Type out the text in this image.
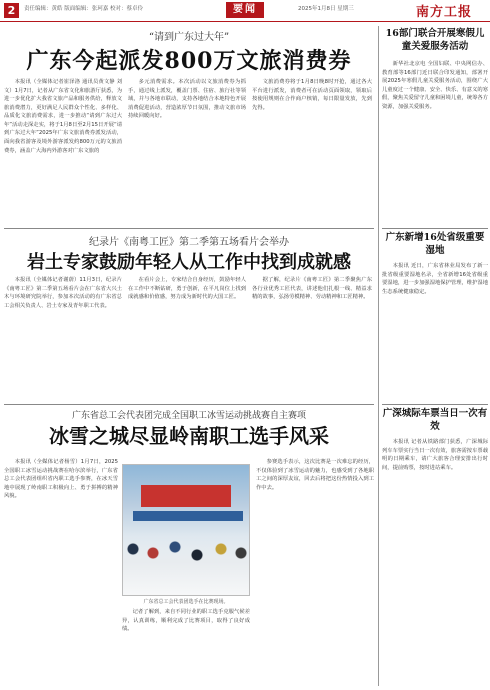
2	责任编辑：黄皓 版面编辑：张珂嘉 校对：蔡卓伶	要闻	2025年1月8日 星期三	南方工报
“请到广东过大年”
广东今起派发800万文旅消费券

本报讯（全媒体记者崔泽洛 通讯员黄文静 刘文）1月7日，记者从广东省文化和旅游厅获悉，为进一步优化扩大我省文旅产品和服务供给，释放文旅消费潜力，更好满足人民群众个性化、多样化、品质化文旅消费需求，进一步推动“请到广东过大年”活动走深走实，将于1月8日至2月15日开展“请到广东过大年”2025年广东文旅消费券派发活动，面向我省游客及境外游客派发约800万元的文旅消费券，涵盖广大海内外游客对广东文旅的

多元消费需求。本次活动以文旅消费券为抓手，通过线上派发，覆盖门票、住宿、旅行社等领域，并与各地市联动，支持各地结合本地特色开展消费促进活动，营造浓厚节日氛围，推动文旅市场持续回暖向好。

文旅消费券将于1月8日晚8时开抢，通过各大平台进行派发，消费者可在活动页面领取，领取后按使用规则在合作商户核销，每日限量发放，先到先得。

纪录片《南粤工匠》第二季第五场看片会举办
岩土专家鼓励年轻人从工作中找到成就感

本报讯（全媒体记者谢蔚）11月3日，纪录片《南粤工匠》第二季第五场看片会在广东省大兴土木与环境研究院举行，参加本次活动的有广东省总工会相关负责人、岩土专家及青年职工代表。

在看片会上，专家结合自身经历，鼓励年轻人在工作中不断钻研，勇于创新，在平凡岗位上找到成就感和价值感，努力成为新时代的大国工匠。

据了解，纪录片《南粤工匠》第二季聚焦广东各行业优秀工匠代表，讲述他们扎根一线、精益求精的故事，弘扬劳模精神、劳动精神和工匠精神。

广东省总工会代表团完成全国职工冰雪运动挑战赛自主赛项
冰雪之城尽显岭南职工选手风采

本报讯（全媒体记者杨雪）1月7日，2025全国职工冰雪运动挑战赛在哈尔滨举行，广东省总工会代表团组织省内职工选手参赛，在冰天雪地中展现了岭南职工积极向上、勇于拼搏的精神风貌。

广东省总工会代表团选手在比赛现场。

记者了解到，来自不同行业的职工选手克服气候差异，认真训练，顺利完成了比赛项目，取得了良好成绩。

参赛选手表示，这次比赛是一次难忘的经历，不仅体验到了冰雪运动的魅力，也感受到了各地职工之间的深厚友谊，回去后将把这份热情投入到工作中去。

16部门联合开展寒假儿童关爱服务活动

新华社北京电 全国妇联、中央网信办、教育部等16部门近日联合印发通知，部署开展2025年寒假儿童关爱服务活动，围绕广大儿童度过一个健康、安全、快乐、有意义的寒假，聚焦关爱留守儿童和困境儿童，统筹各方资源，加强关爱服务。

广东新增16处省级重要湿地

本报讯 近日，广东省林业局发布了新一批省级重要湿地名录，全省新增16处省级重要湿地，进一步加强湿地保护管理，维护湿地生态系统健康稳定。

广深城际车票当日一次有效

本报讯 记者从铁路部门获悉，广深城际列车车票实行当日一次有效，旅客需按车票载明的日期乘车，请广大旅客合理安排出行时间，提前购票，按时进站乘车。
